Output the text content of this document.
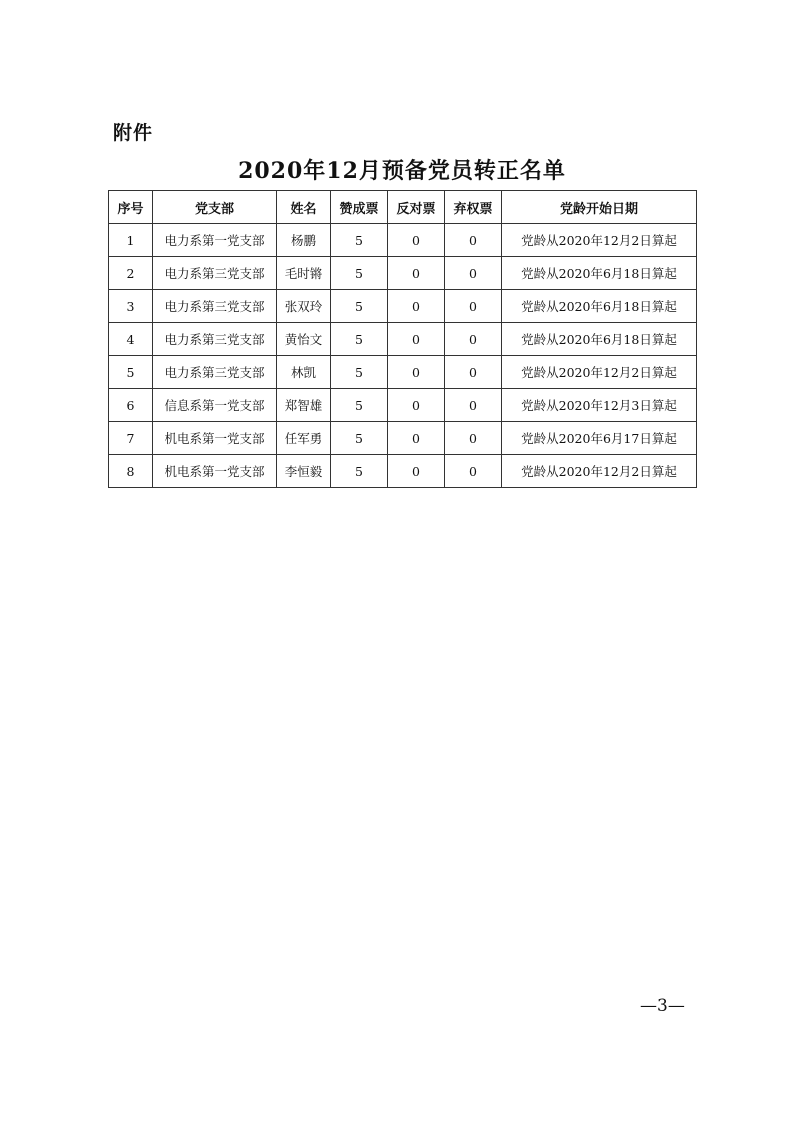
附件
2020年12月预备党员转正名单
序号	党支部	姓名	赞成票	反对票	弃权票	党龄开始日期
1	电力系第一党支部	杨鹏	5	0	0	党龄从2020年12月2日算起
2	电力系第三党支部	毛时锵	5	0	0	党龄从2020年6月18日算起
3	电力系第三党支部	张双玲	5	0	0	党龄从2020年6月18日算起
4	电力系第三党支部	黄怡文	5	0	0	党龄从2020年6月18日算起
5	电力系第三党支部	林凯	5	0	0	党龄从2020年12月2日算起
6	信息系第一党支部	郑智雄	5	0	0	党龄从2020年12月3日算起
7	机电系第一党支部	任军勇	5	0	0	党龄从2020年6月17日算起
8	机电系第一党支部	李恒毅	5	0	0	党龄从2020年12月2日算起
—3—
